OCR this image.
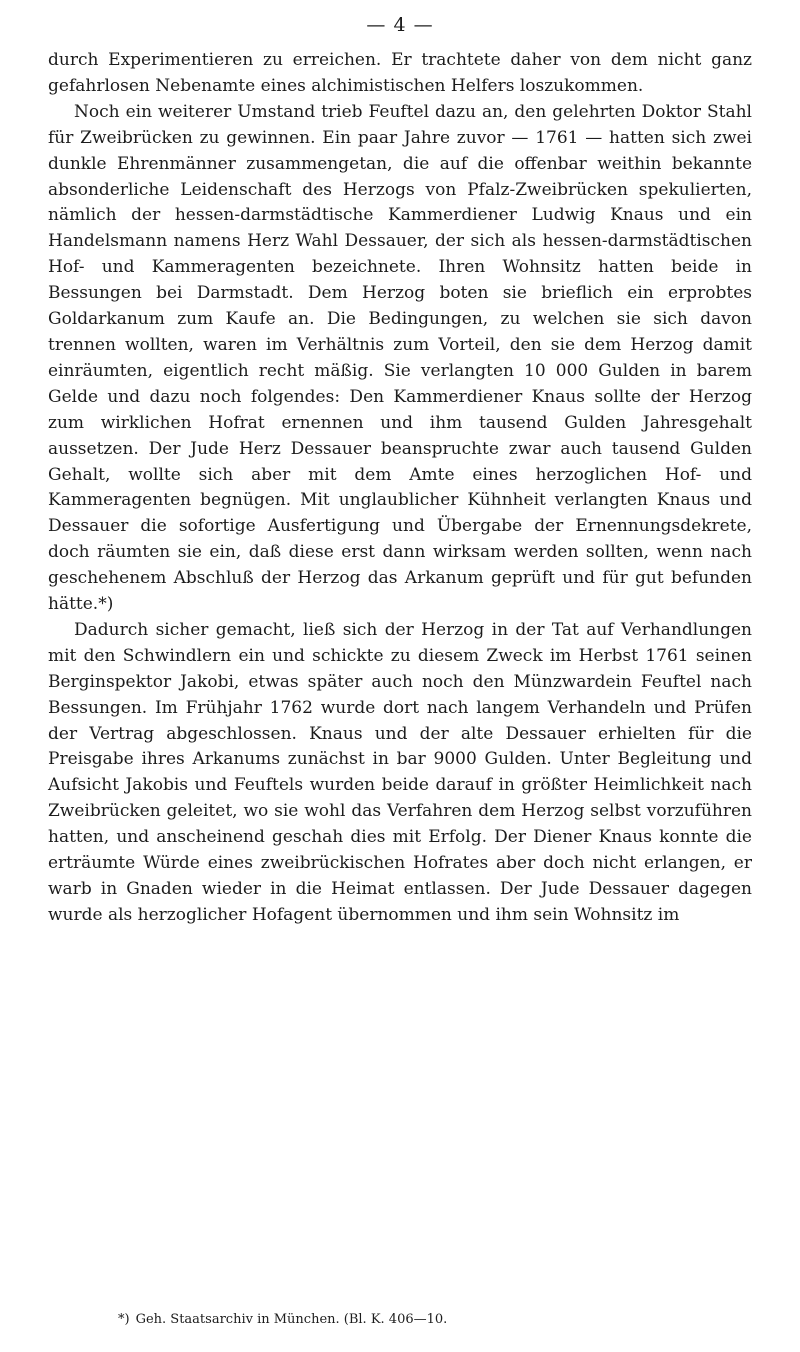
— 4 —

durch Experimentieren zu erreichen. Er trachtete daher von dem nicht ganz gefahrlosen Nebenamte eines alchimistischen Helfers loszukommen.

Noch ein weiterer Umstand trieb Feuftel dazu an, den gelehrten Doktor Stahl für Zweibrücken zu gewinnen. Ein paar Jahre zuvor — 1761 — hatten sich zwei dunkle Ehrenmänner zusammengetan, die auf die offenbar weithin bekannte absonderliche Leidenschaft des Herzogs von Pfalz-Zweibrücken spekulierten, nämlich der hessen-darmstädtische Kammerdiener Ludwig Knaus und ein Handelsmann namens Herz Wahl Dessauer, der sich als hessen-darmstädtischen Hof- und Kammeragenten bezeichnete. Ihren Wohnsitz hatten beide in Bessungen bei Darmstadt. Dem Herzog boten sie brieflich ein erprobtes Goldarkanum zum Kaufe an. Die Bedingungen, zu welchen sie sich davon trennen wollten, waren im Verhältnis zum Vorteil, den sie dem Herzog damit einräumten, eigentlich recht mäßig. Sie verlangten 10 000 Gulden in barem Gelde und dazu noch folgendes: Den Kammerdiener Knaus sollte der Herzog zum wirklichen Hofrat ernennen und ihm tausend Gulden Jahresgehalt aussetzen. Der Jude Herz Dessauer beanspruchte zwar auch tausend Gulden Gehalt, wollte sich aber mit dem Amte eines herzoglichen Hof- und Kammeragenten begnügen. Mit unglaublicher Kühnheit verlangten Knaus und Dessauer die sofortige Ausfertigung und Übergabe der Ernennungsdekrete, doch räumten sie ein, daß diese erst dann wirksam werden sollten, wenn nach geschehenem Abschluß der Herzog das Arkanum geprüft und für gut befunden hätte.*)

Dadurch sicher gemacht, ließ sich der Herzog in der Tat auf Verhandlungen mit den Schwindlern ein und schickte zu diesem Zweck im Herbst 1761 seinen Berginspektor Jakobi, etwas später auch noch den Münzwardein Feuftel nach Bessungen. Im Frühjahr 1762 wurde dort nach langem Verhandeln und Prüfen der Vertrag abgeschlossen. Knaus und der alte Dessauer erhielten für die Preisgabe ihres Arkanums zunächst in bar 9000 Gulden. Unter Begleitung und Aufsicht Jakobis und Feuftels wurden beide darauf in größter Heimlichkeit nach Zweibrücken geleitet, wo sie wohl das Verfahren dem Herzog selbst vorzuführen hatten, und anscheinend geschah dies mit Erfolg. Der Diener Knaus konnte die erträumte Würde eines zweibrückischen Hofrates aber doch nicht erlangen, er warb in Gnaden wieder in die Heimat entlassen. Der Jude Dessauer dagegen wurde als herzoglicher Hofagent übernommen und ihm sein Wohnsitz im

*) Geh. Staatsarchiv in München. (Bl. K. 406—10.
